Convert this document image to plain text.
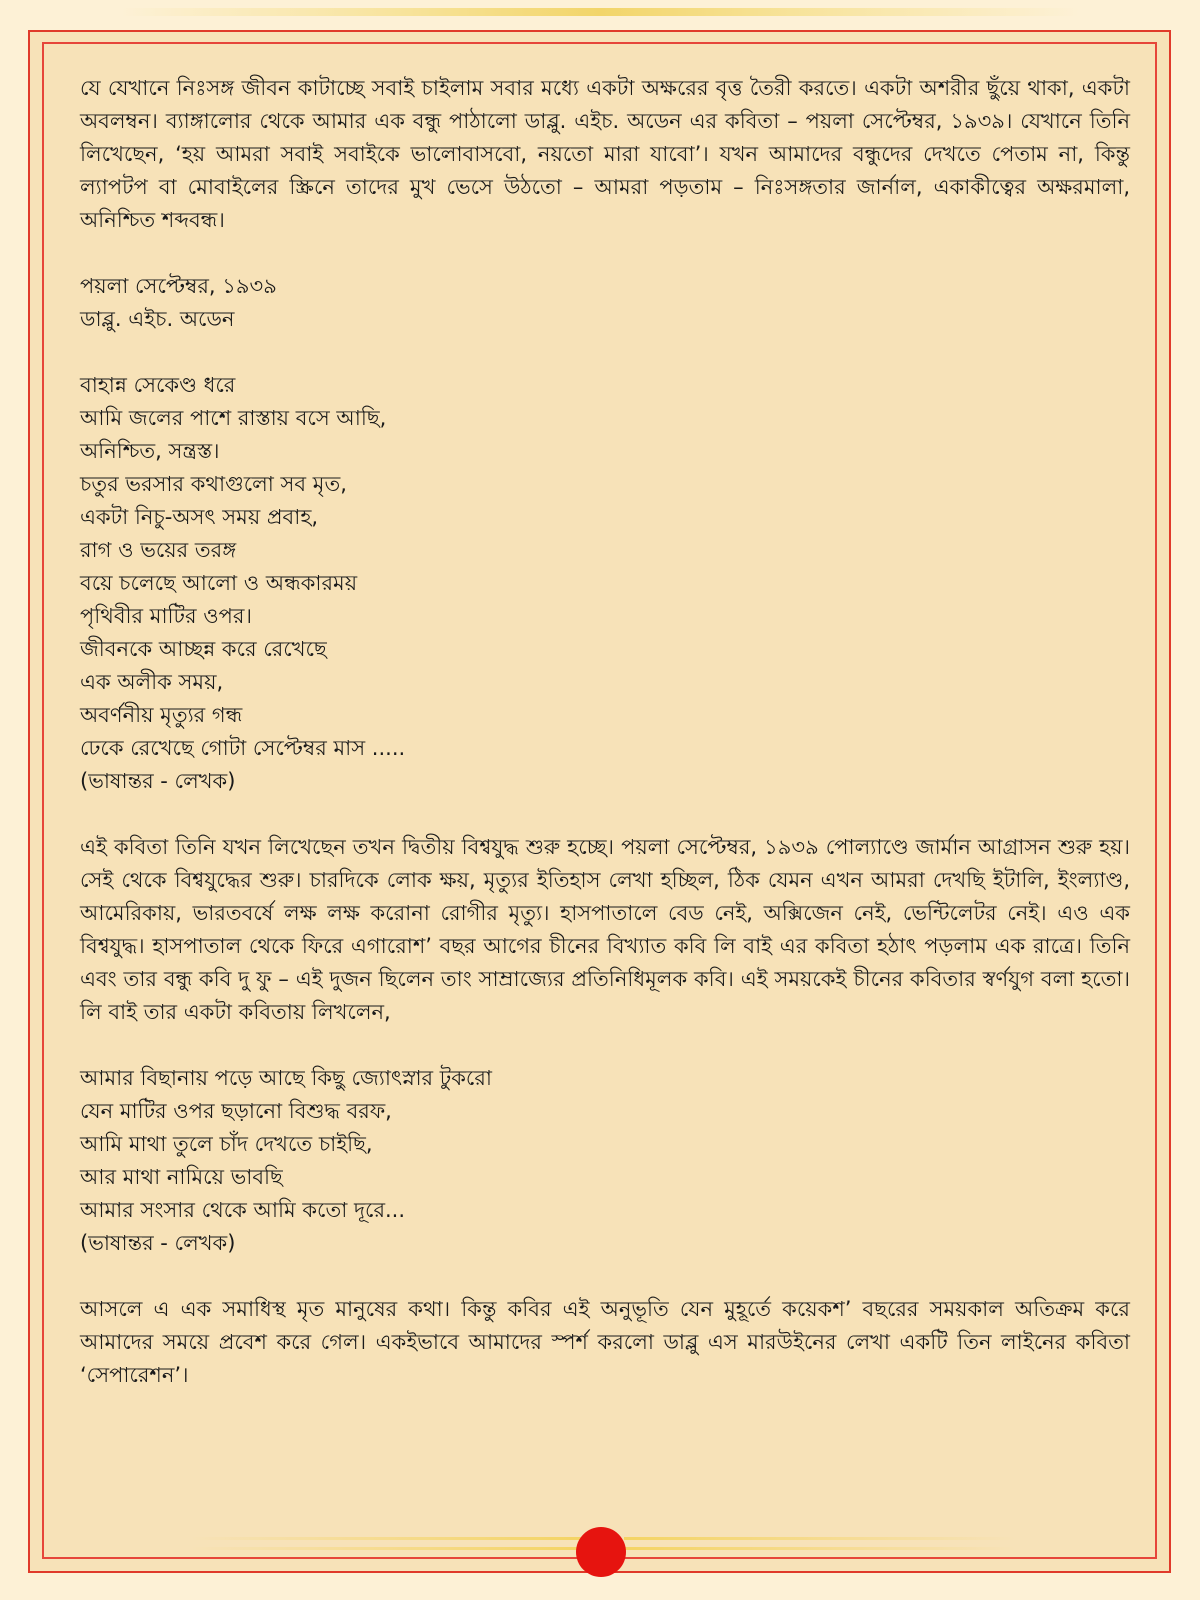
যে যেখানে নিঃসঙ্গ জীবন কাটাচ্ছে সবাই চাইলাম সবার মধ্যে একটা অক্ষরের বৃত্ত তৈরী করতে। একটা অশরীর ছুঁয়ে থাকা, একটা অবলম্বন। ব্যাঙ্গালোর থেকে আমার এক বন্ধু পাঠালো ডাব্লু. এইচ. অডেন এর কবিতা – পয়লা সেপ্টেম্বর, ১৯৩৯। যেখানে তিনি লিখেছেন, ‘হয় আমরা সবাই সবাইকে ভালোবাসবো, নয়তো মারা যাবো’। যখন আমাদের বন্ধুদের দেখতে পেতাম না, কিন্তু ল্যাপটপ বা মোবাইলের স্ক্রিনে তাদের মুখ ভেসে উঠতো – আমরা পড়তাম – নিঃসঙ্গতার জার্নাল, একাকীত্বের অক্ষরমালা, অনিশ্চিত শব্দবন্ধ।

পয়লা সেপ্টেম্বর, ১৯৩৯
ডাব্লু. এইচ. অডেন
বাহান্ন সেকেণ্ড ধরে
আমি জলের পাশে রাস্তায় বসে আছি,
অনিশ্চিত, সন্ত্রস্ত।
চতুর ভরসার কথাগুলো সব মৃত,
একটা নিচু-অসৎ সময় প্রবাহ,
রাগ ও ভয়ের তরঙ্গ
বয়ে চলেছে আলো ও অন্ধকারময়
পৃথিবীর মাটির ওপর।
জীবনকে আচ্ছন্ন করে রেখেছে
এক অলীক সময়,
অবর্ণনীয় মৃত্যুর গন্ধ
ঢেকে রেখেছে গোটা সেপ্টেম্বর মাস .....
(ভাষান্তর - লেখক)

এই কবিতা তিনি যখন লিখেছেন তখন দ্বিতীয় বিশ্বযুদ্ধ শুরু হচ্ছে। পয়লা সেপ্টেম্বর, ১৯৩৯ পোল্যাণ্ডে জার্মান আগ্রাসন শুরু হয়। সেই থেকে বিশ্বযুদ্ধের শুরু। চারদিকে লোক ক্ষয়, মৃত্যুর ইতিহাস লেখা হচ্ছিল, ঠিক যেমন এখন আমরা দেখছি ইটালি, ইংল্যাণ্ড, আমেরিকায়, ভারতবর্ষে লক্ষ লক্ষ করোনা রোগীর মৃত্যু। হাসপাতালে বেড নেই, অক্সিজেন নেই, ভেন্টিলেটর নেই। এও এক বিশ্বযুদ্ধ। হাসপাতাল থেকে ফিরে এগারোশ’ বছর আগের চীনের বিখ্যাত কবি লি বাই এর কবিতা হঠাৎ পড়লাম এক রাত্রে। তিনি এবং তার বন্ধু কবি দু ফু – এই দুজন ছিলেন তাং সাম্রাজ্যের প্রতিনিধিমূলক কবি। এই সময়কেই চীনের কবিতার স্বর্ণযুগ বলা হতো। লি বাই তার একটা কবিতায় লিখলেন,

আমার বিছানায় পড়ে আছে কিছু জ্যোৎস্নার টুকরো
যেন মাটির ওপর ছড়ানো বিশুদ্ধ বরফ,
আমি মাথা তুলে চাঁদ দেখতে চাইছি,
আর মাথা নামিয়ে ভাবছি
আমার সংসার থেকে আমি কতো দূরে...
(ভাষান্তর - লেখক)

আসলে এ এক সমাধিস্থ মৃত মানুষের কথা। কিন্তু কবির এই অনুভূতি যেন মুহূর্তে কয়েকশ’ বছরের সময়কাল অতিক্রম করে আমাদের সময়ে প্রবেশ করে গেল। একইভাবে আমাদের স্পর্শ করলো ডাব্লু এস মারউইনের লেখা একটি তিন লাইনের কবিতা ‘সেপারেশন’।
